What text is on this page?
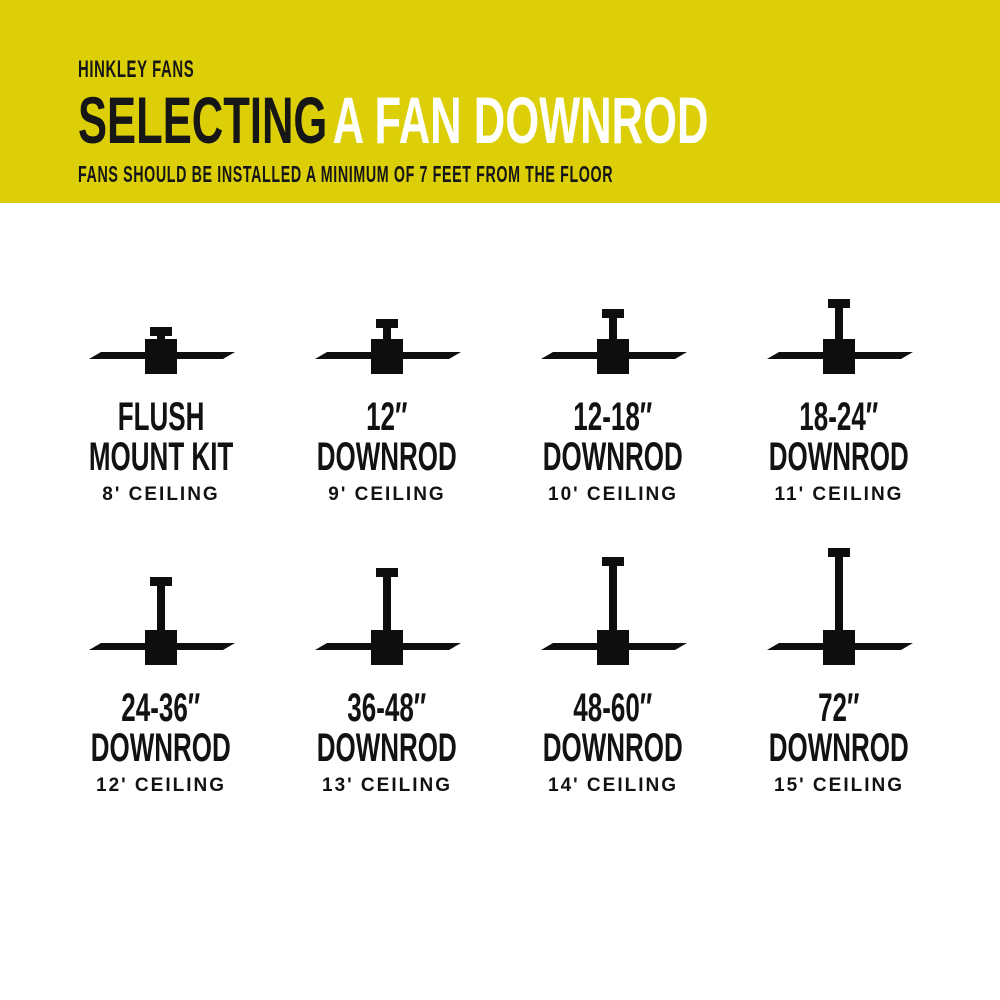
HINKLEY FANS
SELECTINGA FAN DOWNROD
FANS SHOULD BE INSTALLED A MINIMUM OF 7 FEET FROM THE FLOOR
FLUSH
MOUNT KIT
8' CEILING
12″
DOWNROD
9' CEILING
12-18″
DOWNROD
10' CEILING
18-24″
DOWNROD
11' CEILING
24-36″
DOWNROD
12' CEILING
36-48″
DOWNROD
13' CEILING
48-60″
DOWNROD
14' CEILING
72″
DOWNROD
15' CEILING
